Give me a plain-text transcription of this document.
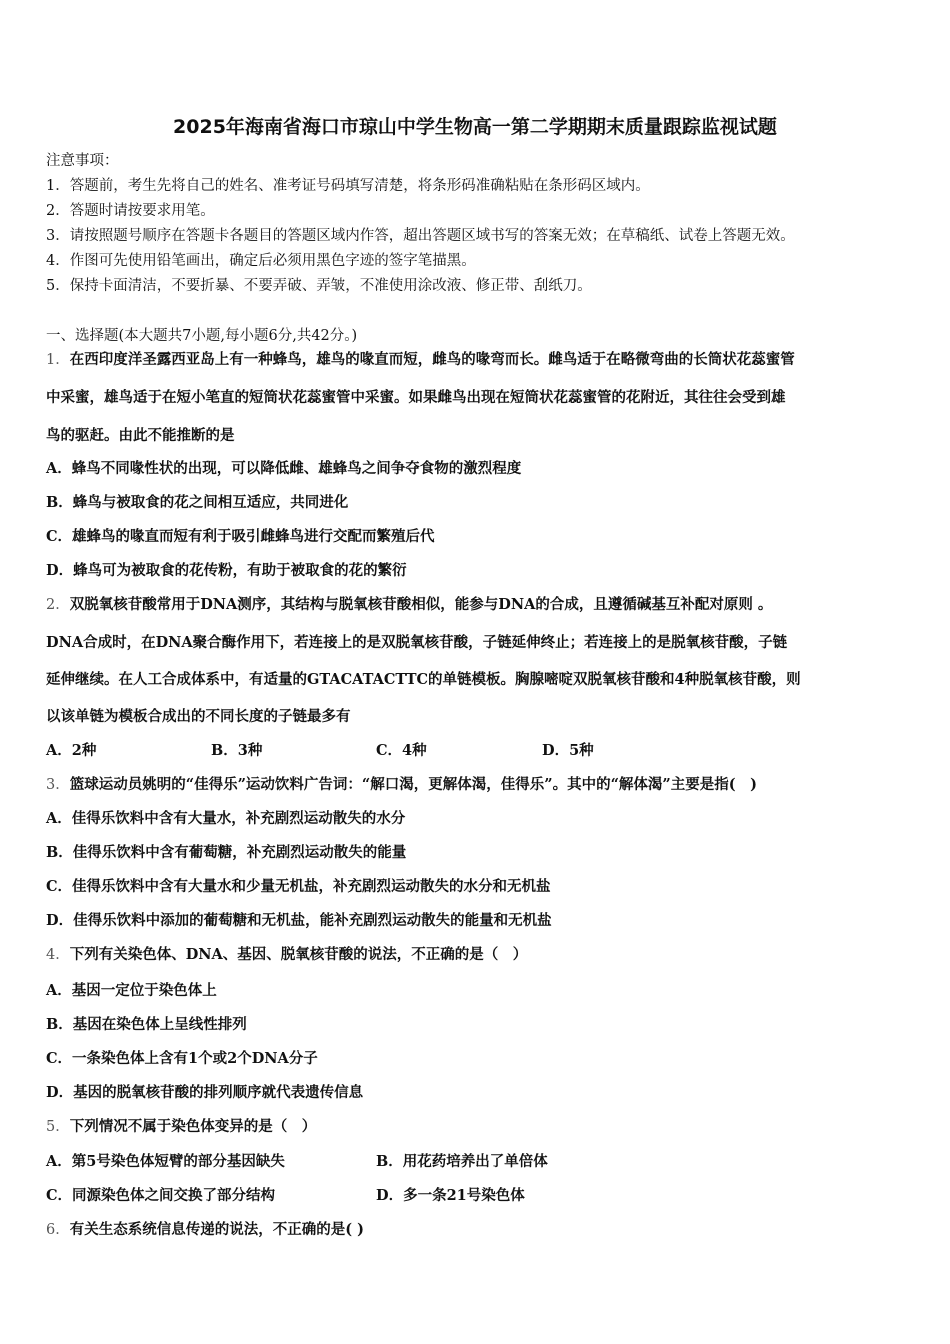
2025年海南省海口市琼山中学生物高一第二学期期末质量跟踪监视试题
注意事项：
1．答题前，考生先将自己的姓名、准考证号码填写清楚，将条形码准确粘贴在条形码区域内。
2．答题时请按要求用笔。
3．请按照题号顺序在答题卡各题目的答题区域内作答，超出答题区域书写的答案无效；在草稿纸、试卷上答题无效。
4．作图可先使用铅笔画出，确定后必须用黑色字迹的签字笔描黑。
5．保持卡面清洁，不要折暴、不要弄破、弄皱，不准使用涂改液、修正带、刮纸刀。
一、选择题(本大题共7小题,每小题6分,共42分。)
1．在西印度洋圣露西亚岛上有一种蜂鸟，雄鸟的喙直而短，雌鸟的喙弯而长。雌鸟适于在略微弯曲的长筒状花蕊蜜管
中采蜜，雄鸟适于在短小笔直的短筒状花蕊蜜管中采蜜。如果雌鸟出现在短筒状花蕊蜜管的花附近，其往往会受到雄
鸟的驱赶。由此不能推断的是
A．蜂鸟不同喙性状的出现，可以降低雌、雄蜂鸟之间争夺食物的激烈程度
B．蜂鸟与被取食的花之间相互适应，共同进化
C．雄蜂鸟的喙直而短有利于吸引雌蜂鸟进行交配而繁殖后代
D．蜂鸟可为被取食的花传粉，有助于被取食的花的繁衍
2．双脱氧核苷酸常用于DNA测序，其结构与脱氧核苷酸相似，能参与DNA的合成，且遵循碱基互补配对原则 。
DNA合成时，在DNA聚合酶作用下，若连接上的是双脱氧核苷酸，子链延伸终止；若连接上的是脱氧核苷酸，子链
延伸继续。在人工合成体系中，有适量的GTACATACTTC的单链模板。胸腺嘧啶双脱氧核苷酸和4种脱氧核苷酸，则
以该单链为模板合成出的不同长度的子链最多有
A．2种	B．3种	C．4种	D．5种
3．篮球运动员姚明的“佳得乐”运动饮料广告词：“解口渴，更解体渴，佳得乐”。其中的“解体渴”主要是指(　)
A．佳得乐饮料中含有大量水，补充剧烈运动散失的水分
B．佳得乐饮料中含有葡萄糖，补充剧烈运动散失的能量
C．佳得乐饮料中含有大量水和少量无机盐，补充剧烈运动散失的水分和无机盐
D．佳得乐饮料中添加的葡萄糖和无机盐，能补充剧烈运动散失的能量和无机盐
4．下列有关染色体、DNA、基因、脱氧核苷酸的说法，不正确的是（　）
A．基因一定位于染色体上
B．基因在染色体上呈线性排列
C．一条染色体上含有1个或2个DNA分子
D．基因的脱氧核苷酸的排列顺序就代表遗传信息
5．下列情况不属于染色体变异的是（　）
A．第5号染色体短臂的部分基因缺失	B．用花药培养出了单倍体
C．同源染色体之间交换了部分结构	D．多一条21号染色体
6．有关生态系统信息传递的说法，不正确的是( )
